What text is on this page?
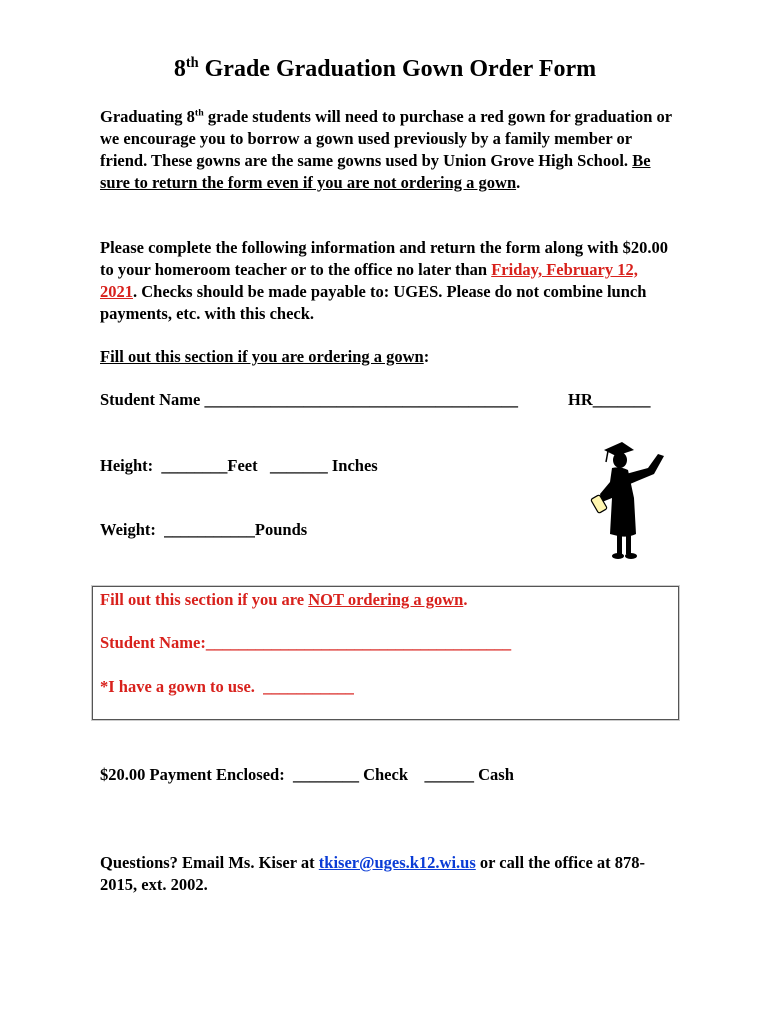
8th Grade Graduation Gown Order Form
Graduating 8th grade students will need to purchase a red gown for graduation or we encourage you to borrow a gown used previously by a family member or friend. These gowns are the same gowns used by Union Grove High School. Be sure to return the form even if you are not ordering a gown.
Please complete the following information and return the form along with $20.00 to your homeroom teacher or to the office no later than Friday, February 12, 2021. Checks should be made payable to: UGES. Please do not combine lunch payments, etc. with this check.
Fill out this section if you are ordering a gown:
Student Name ______________________________________	HR_______
Height:  ________Feet   _______ Inches
Weight:  ___________Pounds
Fill out this section if you are NOT ordering a gown.
Student Name:_____________________________________
*I have a gown to use.  ___________
$20.00 Payment Enclosed:  ________ Check    ______ Cash
Questions? Email Ms. Kiser at tkiser@uges.k12.wi.us or call the office at 878-2015, ext. 2002.
